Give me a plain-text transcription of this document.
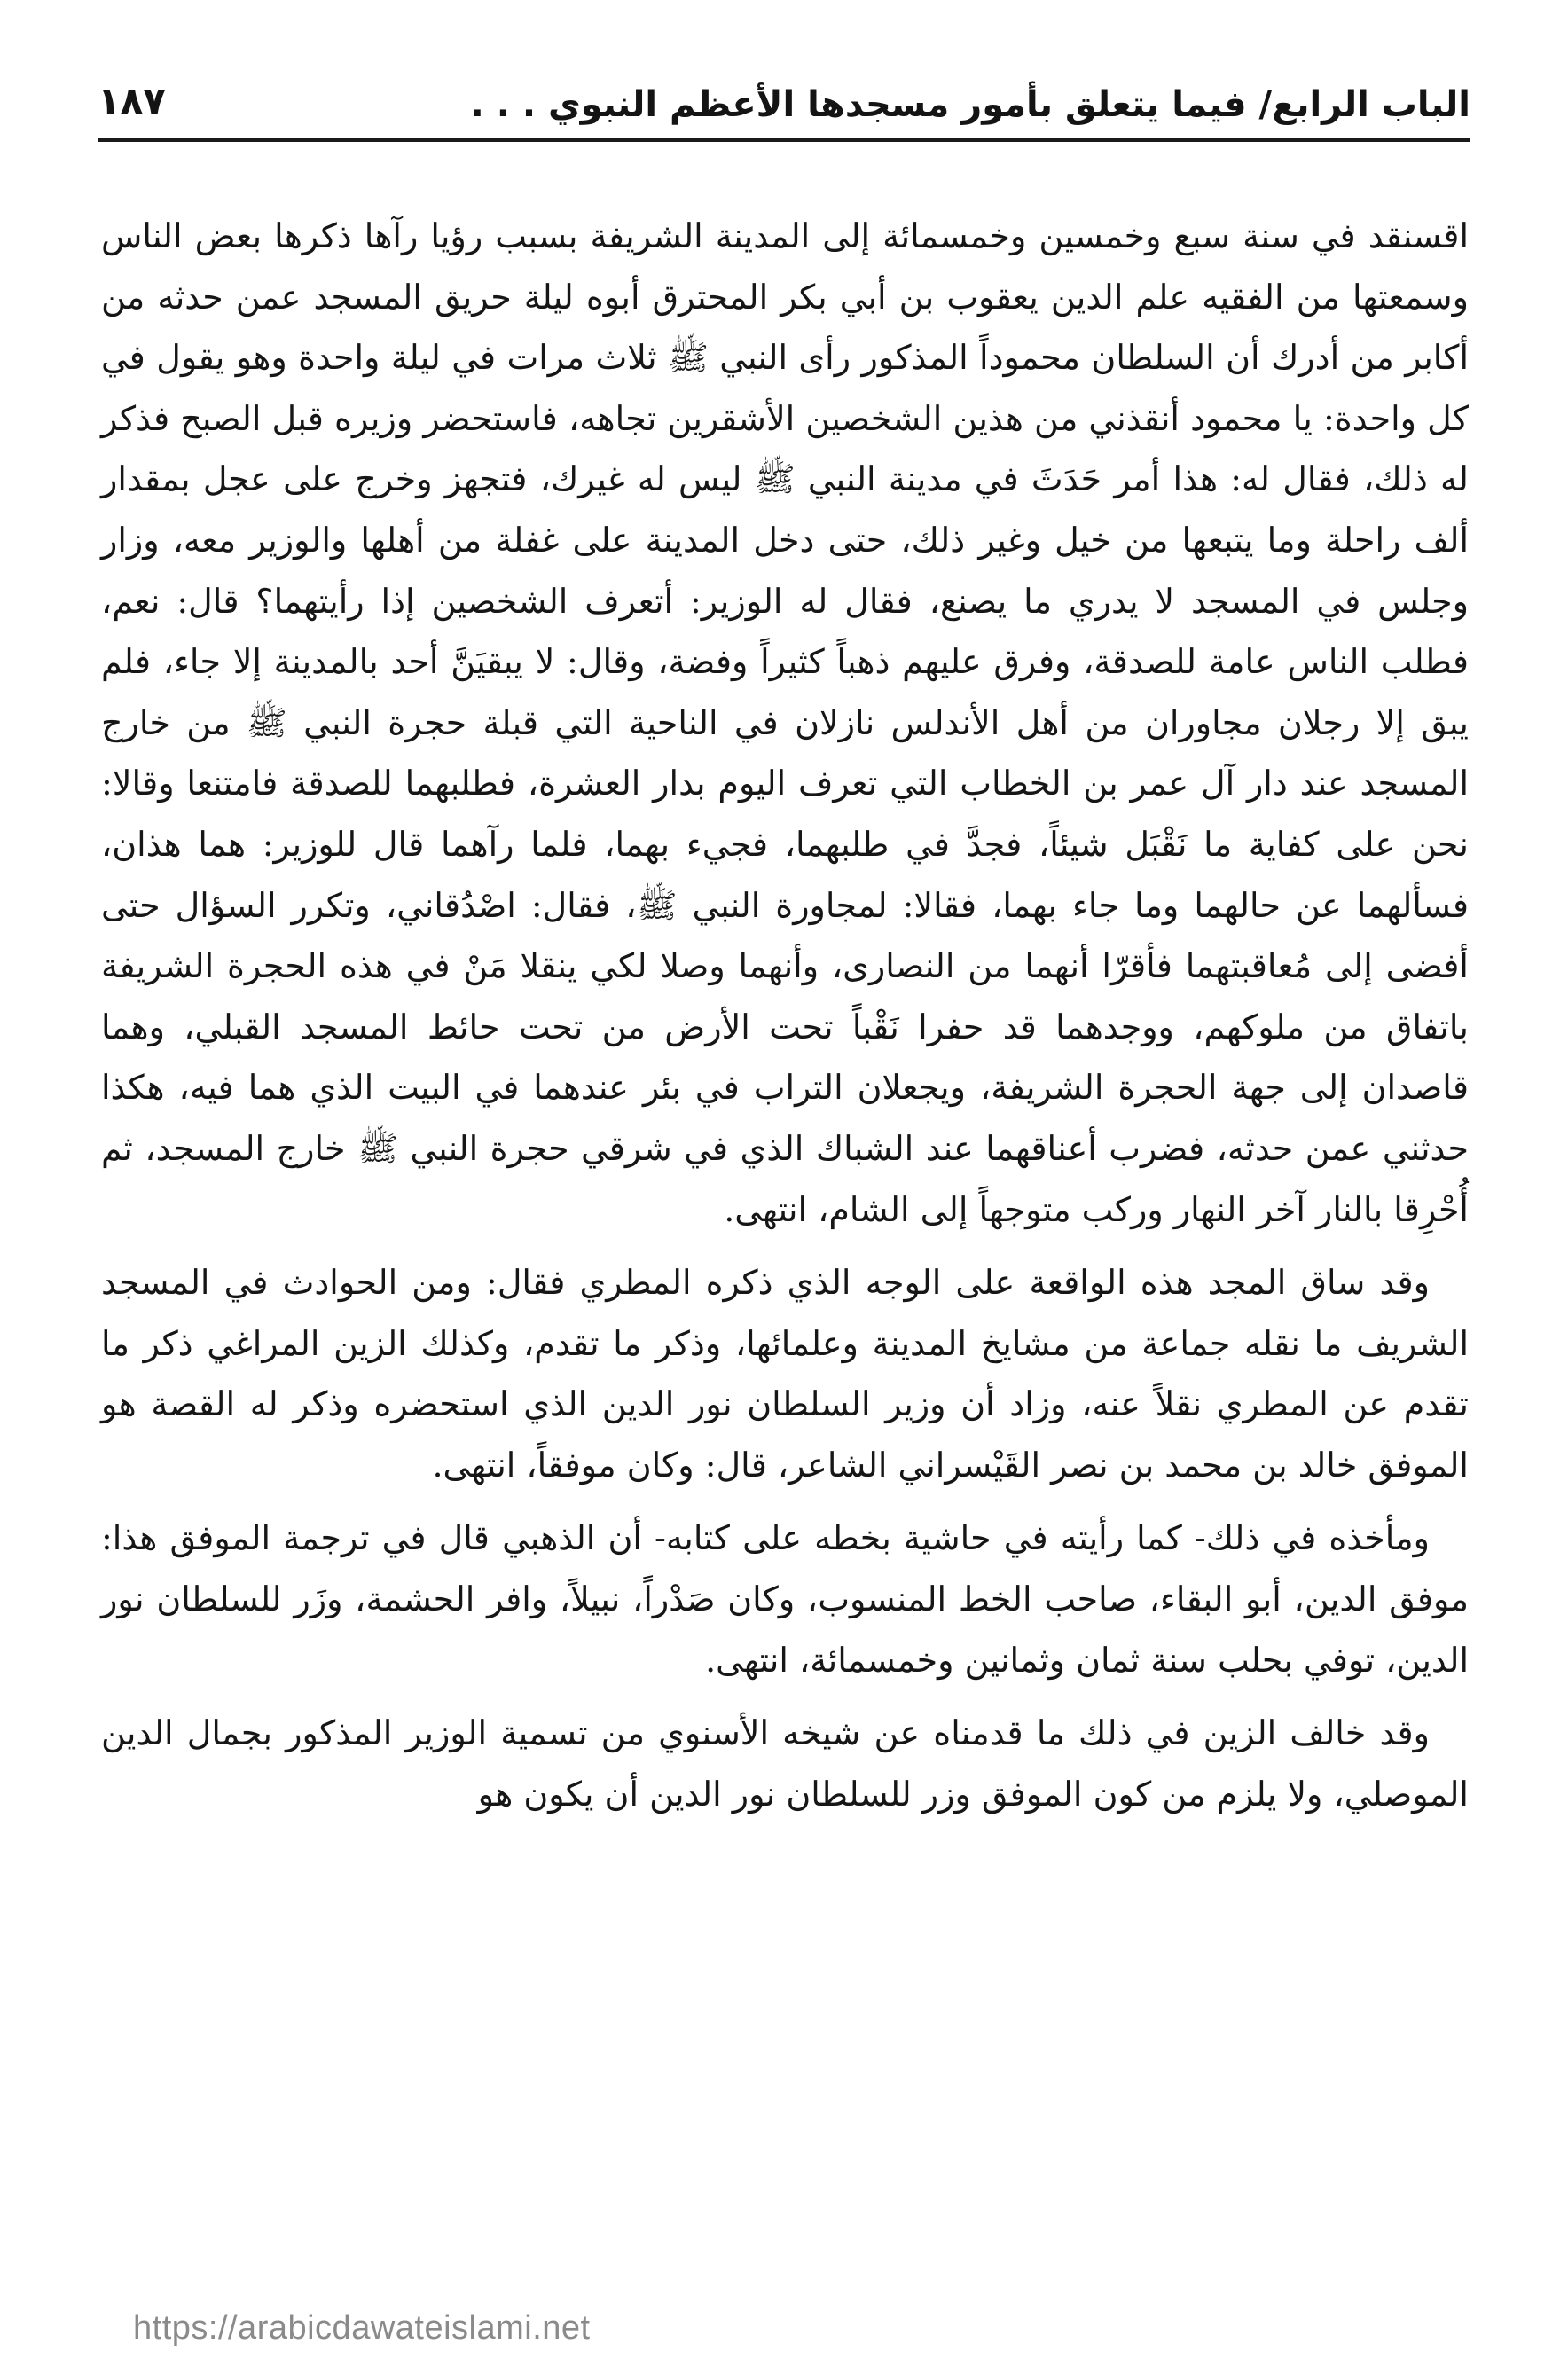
الباب الرابع/ فيما يتعلق بأمور مسجدها الأعظم النبوي . . .
١٨٧

اقسنقد في سنة سبع وخمسين وخمسمائة إلى المدينة الشريفة بسبب رؤيا رآها ذكرها بعض الناس وسمعتها من الفقيه علم الدين يعقوب بن أبي بكر المحترق أبوه ليلة حريق المسجد عمن حدثه من أكابر من أدرك أن السلطان محموداً المذكور رأى النبي ﷺ ثلاث مرات في ليلة واحدة وهو يقول في كل واحدة: يا محمود أنقذني من هذين الشخصين الأشقرين تجاهه، فاستحضر وزيره قبل الصبح فذكر له ذلك، فقال له: هذا أمر حَدَثَ في مدينة النبي ﷺ ليس له غيرك، فتجهز وخرج على عجل بمقدار ألف راحلة وما يتبعها من خيل وغير ذلك، حتى دخل المدينة على غفلة من أهلها والوزير معه، وزار وجلس في المسجد لا يدري ما يصنع، فقال له الوزير: أتعرف الشخصين إذا رأيتهما؟ قال: نعم، فطلب الناس عامة للصدقة، وفرق عليهم ذهباً كثيراً وفضة، وقال: لا يبقيَنَّ أحد بالمدينة إلا جاء، فلم يبق إلا رجلان مجاوران من أهل الأندلس نازلان في الناحية التي قبلة حجرة النبي ﷺ من خارج المسجد عند دار آل عمر بن الخطاب التي تعرف اليوم بدار العشرة، فطلبهما للصدقة فامتنعا وقالا: نحن على كفاية ما نَقْبَل شيئاً، فجدَّ في طلبهما، فجيء بهما، فلما رآهما قال للوزير: هما هذان، فسألهما عن حالهما وما جاء بهما، فقالا: لمجاورة النبي ﷺ، فقال: اصْدُقاني، وتكرر السؤال حتى أفضى إلى مُعاقبتهما فأقرّا أنهما من النصارى، وأنهما وصلا لكي ينقلا مَنْ في هذه الحجرة الشريفة باتفاق من ملوكهم، ووجدهما قد حفرا نَقْباً تحت الأرض من تحت حائط المسجد القبلي، وهما قاصدان إلى جهة الحجرة الشريفة، ويجعلان التراب في بئر عندهما في البيت الذي هما فيه، هكذا حدثني عمن حدثه، فضرب أعناقهما عند الشباك الذي في شرقي حجرة النبي ﷺ خارج المسجد، ثم أُحْرِقا بالنار آخر النهار وركب متوجهاً إلى الشام، انتهى.

وقد ساق المجد هذه الواقعة على الوجه الذي ذكره المطري فقال: ومن الحوادث في المسجد الشريف ما نقله جماعة من مشايخ المدينة وعلمائها، وذكر ما تقدم، وكذلك الزين المراغي ذكر ما تقدم عن المطري نقلاً عنه، وزاد أن وزير السلطان نور الدين الذي استحضره وذكر له القصة هو الموفق خالد بن محمد بن نصر القَيْسراني الشاعر، قال: وكان موفقاً، انتهى.

ومأخذه في ذلك- كما رأيته في حاشية بخطه على كتابه- أن الذهبي قال في ترجمة الموفق هذا: موفق الدين، أبو البقاء، صاحب الخط المنسوب، وكان صَدْراً، نبيلاً، وافر الحشمة، وزَر للسلطان نور الدين، توفي بحلب سنة ثمان وثمانين وخمسمائة، انتهى.

وقد خالف الزين في ذلك ما قدمناه عن شيخه الأسنوي من تسمية الوزير المذكور بجمال الدين الموصلي، ولا يلزم من كون الموفق وزر للسلطان نور الدين أن يكون هو

https://arabicdawateislami.net
